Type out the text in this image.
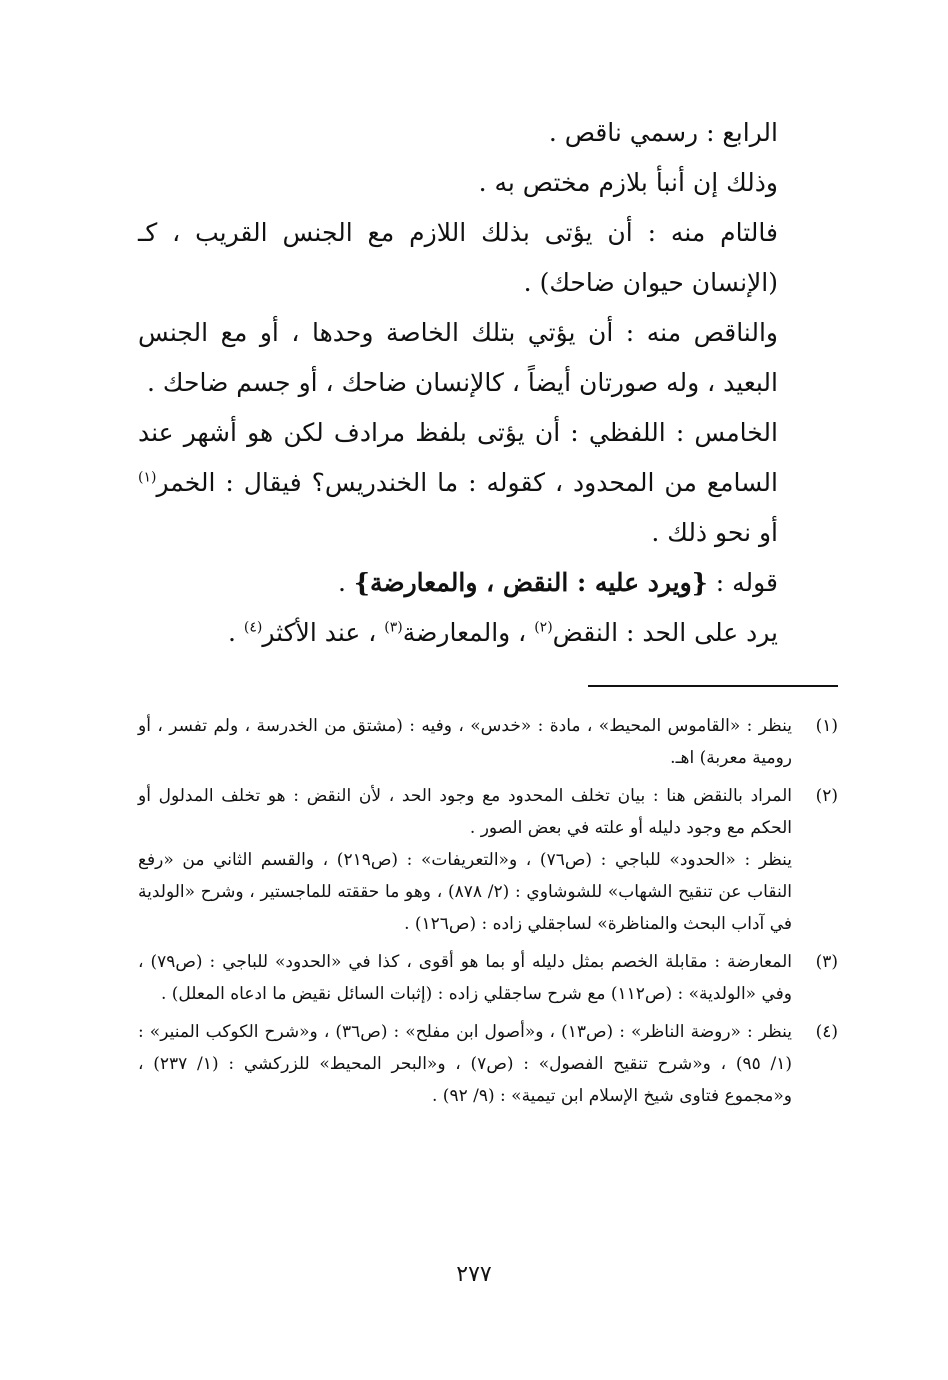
الرابع : رسمي ناقص .

وذلك إن أنبأ بلازم مختص به .

فالتام منه : أن يؤتى بذلك اللازم مع الجنس القريب ، كـ (الإنسان حيوان ضاحك) .

والناقص منه : أن يؤتي بتلك الخاصة وحدها ، أو مع الجنس البعيد ، وله صورتان أيضاً ، كالإنسان ضاحك ، أو جسم ضاحك .

الخامس : اللفظي : أن يؤتى بلفظ مرادف لكن هو أشهر عند السامع من المحدود ، كقوله : ما الخندريس؟ فيقال : الخمر$^{(١)}$ أو نحو ذلك .

قوله : {ويرد عليه : النقض ، والمعارضة} .

يرد على الحد : النقض$^{(٢)}$ ، والمعارضة$^{(٣)}$ ، عند الأكثر$^{(٤)}$ .

(١)

ينظر : «القاموس المحيط» ، مادة : «خدس» ، وفيه : (مشتق من الخدرسة ، ولم تفسر ، أو رومية معربة) اهـ.

(٢)

المراد بالنقض هنا : بيان تخلف المحدود مع وجود الحد ، لأن النقض : هو تخلف المدلول أو الحكم مع وجود دليله أو علته في بعض الصور .

ينظر : «الحدود» للباجي : (ص٧٦) ، و«التعريفات» : (ص٢١٩) ، والقسم الثاني من «رفع النقاب عن تنقيح الشهاب» للشوشاوي : (٢/ ٨٧٨) ، وهو ما حققته للماجستير ، وشرح «الولدية في آداب البحث والمناظرة» لساجقلي زاده : (ص١٢٦) .

(٣)

المعارضة : مقابلة الخصم بمثل دليله أو بما هو أقوى ، كذا في «الحدود» للباجي : (ص٧٩) ، وفي «الولدية» : (ص١١٢) مع شرح ساجقلي زاده : (إثبات السائل نقيض ما ادعاه المعلل) .

(٤)

ينظر : «روضة الناظر» : (ص١٣) ، و«أصول ابن مفلح» : (ص٣٦) ، و«شرح الكوكب المنير» : (١/ ٩٥) ، و«شرح تنقيح الفصول» : (ص٧) ، و«البحر المحيط» للزركشي : (١/ ٢٣٧) ، و«مجموع فتاوى شيخ الإسلام ابن تيمية» : (٩/ ٩٢) .

٢٧٧
